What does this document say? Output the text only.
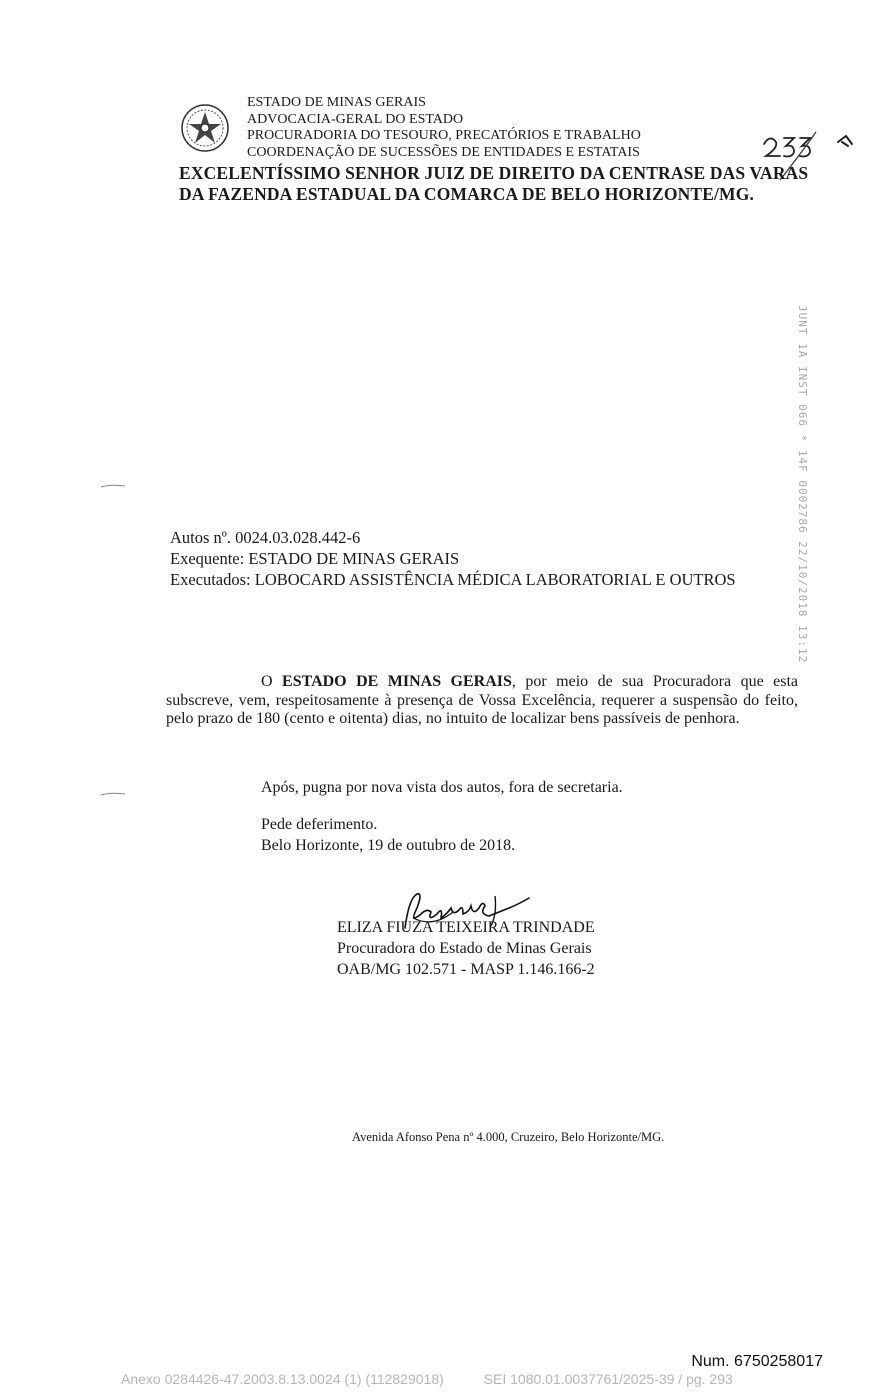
ESTADO DE MINAS GERAIS
ADVOCACIA-GERAL DO ESTADO
PROCURADORIA DO TESOURO, PRECATÓRIOS E TRABALHO
COORDENAÇÃO DE SUCESSÕES DE ENTIDADES E ESTATAIS
EXCELENTÍSSIMO SENHOR JUIZ DE DIREITO DA CENTRASE DAS VARAS
DA FAZENDA ESTADUAL DA COMARCA DE BELO HORIZONTE/MG.
JUNT 1A INST 066 * 14F 0002786 22/10/2018 13:12
Autos nº. 0024.03.028.442-6
Exequente: ESTADO DE MINAS GERAIS
Executados: LOBOCARD ASSISTÊNCIA MÉDICA LABORATORIAL E OUTROS
O ESTADO DE MINAS GERAIS, por meio de sua Procuradora que esta subscreve, vem, respeitosamente à presença de Vossa Excelência, requerer a suspensão do feito, pelo prazo de 180 (cento e oitenta) dias, no intuito de localizar bens passíveis de penhora.
Após, pugna por nova vista dos autos, fora de secretaria.
Pede deferimento.
Belo Horizonte, 19 de outubro de 2018.
ELIZA FIUZA TEIXEIRA TRINDADE
Procuradora do Estado de Minas Gerais
OAB/MG 102.571 - MASP 1.146.166-2
Avenida Afonso Pena nº 4.000, Cruzeiro, Belo Horizonte/MG.
Num. 6750258017
Anexo 0284426-47.2003.8.13.0024 (1) (112829018)	SEI 1080.01.0037761/2025-39 / pg. 293
